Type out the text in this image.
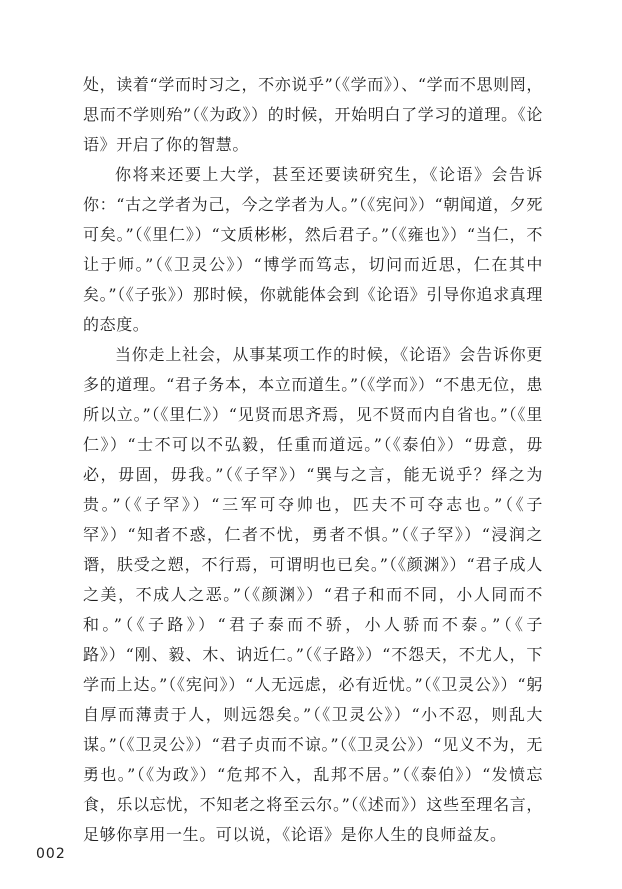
处，读着“学而时习之，不亦说乎”（《学而》）、“学而不思则罔，思而不学则殆”（《为政》）的时候，开始明白了学习的道理。《论语》开启了你的智慧。

你将来还要上大学，甚至还要读研究生，《论语》会告诉你：“古之学者为己，今之学者为人。”（《宪问》）“朝闻道，夕死可矣。”（《里仁》）“文质彬彬，然后君子。”（《雍也》）“当仁，不让于师。”（《卫灵公》）“博学而笃志，切问而近思，仁在其中矣。”（《子张》）那时候，你就能体会到《论语》引导你追求真理的态度。

当你走上社会，从事某项工作的时候，《论语》会告诉你更多的道理。“君子务本，本立而道生。”（《学而》）“不患无位，患所以立。”（《里仁》）“见贤而思齐焉，见不贤而内自省也。”（《里仁》）“士不可以不弘毅，任重而道远。”（《泰伯》）“毋意，毋必，毋固，毋我。”（《子罕》）“巽与之言，能无说乎？绎之为贵。”（《子罕》）“三军可夺帅也，匹夫不可夺志也。”（《子罕》）“知者不惑，仁者不忧，勇者不惧。”（《子罕》）“浸润之谮，肤受之愬，不行焉，可谓明也已矣。”（《颜渊》）“君子成人之美，不成人之恶。”（《颜渊》）“君子和而不同，小人同而不和。”（《子路》）“君子泰而不骄，小人骄而不泰。”（《子路》）“刚、毅、木、讷近仁。”（《子路》）“不怨天，不尤人，下学而上达。”（《宪问》）“人无远虑，必有近忧。”（《卫灵公》）“躬自厚而薄责于人，则远怨矣。”（《卫灵公》）“小不忍，则乱大谋。”（《卫灵公》）“君子贞而不谅。”（《卫灵公》）“见义不为，无勇也。”（《为政》）“危邦不入，乱邦不居。”（《泰伯》）“发愤忘食，乐以忘忧，不知老之将至云尔。”（《述而》）这些至理名言，足够你享用一生。可以说，《论语》是你人生的良师益友。

002
